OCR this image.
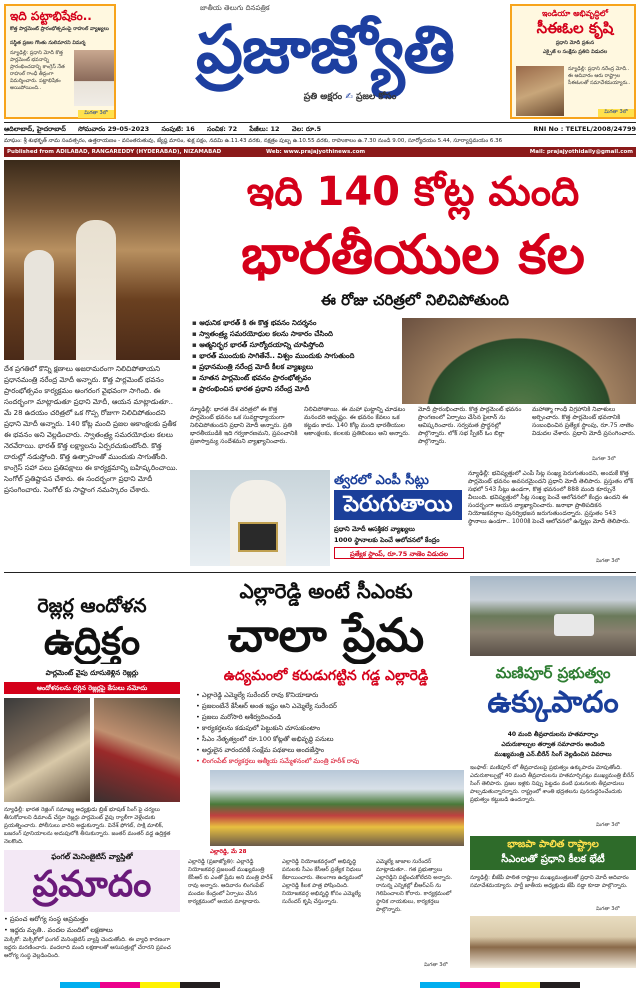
ఇది పట్టాభిషేకం..
కొత్త పార్లమెంట్ ప్రారంభోత్సవంపై రాహుల్ వ్యాఖ్యలు
సస్థిత ప్రజల గొంతు నులిమారని విమర్శ
న్యూఢిల్లీ: ప్రధాని మోదీ కొత్త పార్లమెంట్ భవనాన్ని ప్రారంభించడాన్ని కాంగ్రెస్ నేత రాహుల్ గాంధీ తీవ్రంగా విమర్శించారు. పట్టాభిషేకం అయిపోయింది..
మిగతా 3లో
జాతీయ తెలుగు దినపత్రిక
ప్రజాజ్యోతి
ప్రతి అక్షరం ✍ ప్రజల కోసం
ఇండియా అభివృద్ధిలో
సీఈఓల కృషి
ప్రధాని మోదీ ప్రశంస
ఎక్సైజ్ ల సంక్షేమ ప్రతిని విడుదల
న్యూఢిల్లీ: ప్రధాని నరేంద్ర మోదీ.. ఈ ఆదివారం ఆరు రాష్ట్రాల సీఈఓలతో సమావేశమయ్యారు..
మిగతా 3లో
ఆదిలాబాద్, హైదరాబాద్ సోమవారం 29-05-2023 సంపుటి: 16 సంచిక: 72 పేజీలు: 12 వెల: రూ.5	RNI No : TELTEL/2008/24799
మాఘం: శ్రీ శుభకృత్ నామ సంవత్సరం, ఉత్తరాయణం - వసంతరుతువు, జ్యేష్ఠ మాసం, శుక్ల పక్షం, నవమి ఉ.11.43 వరకు, నక్షత్రం పుబ్బ ఉ.10.55 వరకు, రాహుకాలం ఉ.7.30 నుండి 9.00, సూర్యోదయం 5.44, సూర్యాస్తమయం 6.36
Published from ADILABAD, RANGAREDDY (HYDERABAD), NIZAMABAD	Web: www.prajajyothinews.com	Mail: prajajyothidaily@gmail.com
ఇది 140 కోట్ల మంది
భారతీయుల కల
ఈ రోజు చరిత్రలో నిలిచిపోతుంది
▪ ఆధునిక భారత్ కి ఈ కొత్త భవనం నిదర్శనం
▪ స్వాతంత్ర్య సమరయోధుల కలను సాకారం చేసింది
▪ ఆత్మనిర్భర భారత్ సూర్యోదయాన్ని చూపిస్తోంది
▪ భారత్ ముందుకు సాగితేనే.. విశ్వం ముందుకు సాగుతుంది
▪ ప్రధానమంత్రి నరేంద్ర మోదీ కీలక వ్యాఖ్యలు
▪ నూతన పార్లమెంట్ భవనం ప్రారంభోత్సవం
▪ ప్రారంభించిన భారత ప్రధాని నరేంద్ర మోదీ
దేశ ప్రగతిలో కొన్ని క్షణాలు అజరామరంగా నిలిచిపోతాయని ప్రధానమంత్రి నరేంద్ర మోదీ అన్నారు. కొత్త పార్లమెంట్ భవనం ప్రారంభోత్సవం కార్యక్రమం అంగరంగ వైభవంగా సాగింది. ఈ సందర్భంగా మాట్లాడుతూ ప్రధాని మోదీ, ఆయన మాట్లాడుతూ.. మే 28 ఉదయం చరిత్రలో ఒక గొప్ప రోజుగా నిలిచిపోతుందని ప్రధాని మోదీ అన్నారు. 140 కోట్ల మంది ప్రజల ఆకాంక్షలకు ప్రతీక ఈ భవనం అని వెల్లడించారు. స్వాతంత్ర్య సమరయోధుల కలలు నెరవేరాయి. భారత్ కొత్త లక్ష్యాలను ఏర్పరచుకుంటోంది. కొత్త దారుల్లో నడుస్తోంది. కొత్త ఉత్సాహంతో ముందుకు సాగుతోంది. కాంగ్రెస్ సహా పలు ప్రతిపక్షాలు ఈ కార్యక్రమాన్ని బహిష్కరించాయి. సెంగోల్ ప్రతిష్టాపన చేశారు. ఈ సందర్భంగా ప్రధాని మోదీ ప్రసంగించారు. సెంగోల్ కు సాష్టాంగ నమస్కారం చేశారు.
న్యూఢిల్లీ: భారత దేశ చరిత్రలో ఈ కొత్త పార్లమెంట్ భవనం ఒక సువర్ణాధ్యాయంగా నిలిచిపోతుందని ప్రధాని మోదీ అన్నారు. ప్రతి భారతీయుడికి ఇది గర్వకారణమని, ప్రపంచానికి ప్రజాస్వామ్య సందేశమని వ్యాఖ్యానించారు.
నిలిచిపోతాయి. ఈ మహా ఘట్టాన్ని చూడటం మనందరి అదృష్టం. ఈ భవనం కేవలం ఒక కట్టడం కాదు. 140 కోట్ల మంది భారతీయుల ఆకాంక్షలకు, కలలకు ప్రతిబింబం అని అన్నారు.
మోదీ ప్రారంభించారు. కొత్త పార్లమెంట్ భవనం ప్రాంగణంలో ఏర్పాటు చేసిన పైలాన్ ను ఆవిష్కరించారు. సర్వమత ప్రార్థనల్లో పాల్గొన్నారు. లోక్ సభ స్పీకర్ ఓం బిర్లా పాల్గొన్నారు.
మహాత్మా గాంధీ విగ్రహానికి నివాళులు అర్పించారు. కొత్త పార్లమెంట్ భవనానికి సంబంధించిన ప్రత్యేక స్టాంపు, రూ.75 నాణెం విడుదల చేశారు. ప్రధాని మోదీ ప్రసంగించారు.
మిగతా 3లో
త్వరలో ఎంపీ సీట్లు
పెరుగుతాయి
ప్రధాని మోదీ ఆసక్తికర వ్యాఖ్యలు
1000 స్థానాలకు పెంచే ఆలోచనలో కేంద్రం
ప్రత్యేక స్టాంప్, రూ.75 నాణెం విడుదల
న్యూఢిల్లీ: భవిష్యత్తులో ఎంపీ సీట్ల సంఖ్య పెరుగుతుందని, అందుకే కొత్త పార్లమెంట్ భవనం అవసరమైందని ప్రధాని మోదీ తెలిపారు. ప్రస్తుతం లోక్ సభలో 543 సీట్లు ఉండగా, కొత్త భవనంలో 888 మంది కూర్చునే వీలుంది. భవిష్యత్తులో సీట్ల సంఖ్య పెంచే ఆలోచనలో కేంద్రం ఉందని ఈ సందర్భంగా ఆయన వ్యాఖ్యానించారు. జనాభా ప్రాతిపదికన నియోజకవర్గాల పునర్విభజన జరుగుతుందన్నారు. ప్రస్తుతం 543 స్థానాలు ఉండగా.. 1000కి పెంచే ఆలోచనలో ఉన్నట్లు మోదీ తెలిపారు.
మిగతా 3లో
రెజ్లర్ల ఆందోళన
ఉద్రిక్తం
పార్లమెంట్ వైపు దూసుకెళ్లిన రెజ్లర్లు
ఆందోళనలను దగ్గిన రెజ్లర్లపై కేసులు నమోదు
న్యూఢిల్లీ: భారత రెజ్లింగ్ సమాఖ్య అధ్యక్షుడు బ్రిజ్ భూషణ్ సింగ్ పై చర్యలు తీసుకోవాలని డిమాండ్ చేస్తూ రెజ్లర్లు పార్లమెంట్ వైపు ర్యాలీగా వెళ్లేందుకు ప్రయత్నించారు. పోలీసులు వారిని అడ్డుకున్నారు. వినేశ్ ఫోగట్, సాక్షి మాలిక్, బజరంగ్ పూనియాలను అదుపులోకి తీసుకున్నారు. జంతర్ మంతర్ వద్ద ఉద్రిక్తత నెలకొంది.
ఫంగల్ మెనింజైటిస్ వ్యాప్తితో
ప్రమాదం
• ప్రపంచ ఆరోగ్య సంస్థ అప్రమత్తం
• ఇద్దరు మృతి.. వందల మందిలో లక్షణాలు
మెక్సికో: మెక్సికోలో ఫంగల్ మెనింజైటిస్ వ్యాప్తి చెందుతోంది. ఈ వ్యాధి కారణంగా ఇద్దరు మరణించారు. వందలాది మంది లక్షణాలతో ఆసుపత్రుల్లో చేరారని ప్రపంచ ఆరోగ్య సంస్థ వెల్లడించింది.
ఎల్లారెడ్డి అంటే సీఎంకు
చాలా ప్రేమ
ఉద్యమంలో కరుడుగట్టిన గడ్డ ఎల్లారెడ్డి
• ఎల్లారెడ్డి ఎమ్మెల్యే సురేందర్ రావు కొనియాడారు
• ప్రజలంటేనే కేసీఆర్ అంత ఇష్టం అని ఎమ్మెల్యే సురేందర్
• ప్రజలు మరోసారి ఆశీర్వదించండి
• కార్యకర్తలను కడుపులో పెట్టుకుని చూసుకుంటాం
• సీఎం నేతృత్వంలో రూ.100 కోట్లతో అభివృద్ధి పనులు
• అర్హులైన వారందరికీ సంక్షేమ పథకాలు అందజేస్తాం
• లింగంపేట్ కార్యకర్తలు ఆత్మీయ సమ్మేళనంలో మంత్రి హరీశ్ రావు
ఎల్లారెడ్డి, మే 28
ఎల్లారెడ్డి (ప్రజాజ్యోతి): ఎల్లారెడ్డి నియోజకవర్గ ప్రజలంటే ముఖ్యమంత్రి కేసీఆర్ కు ఎంతో ప్రేమ అని మంత్రి హరీశ్ రావు అన్నారు. ఆదివారం లింగంపేట్ మండల కేంద్రంలో ఏర్పాటు చేసిన కార్యక్రమంలో ఆయన మాట్లాడారు.
ఎల్లారెడ్డి నియోజకవర్గంలో అభివృద్ధి పనులకు సీఎం కేసీఆర్ ప్రత్యేక నిధులు కేటాయించారు. తెలంగాణ ఉద్యమంలో ఎల్లారెడ్డి కీలక పాత్ర పోషించింది. నియోజకవర్గ అభివృద్ధి కోసం ఎమ్మెల్యే సురేందర్ కృషి చేస్తున్నారు.
ఎమ్మెల్యే జాజాల సురేందర్ మాట్లాడుతూ.. గత ప్రభుత్వాలు ఎల్లారెడ్డిని పట్టించుకోలేదని అన్నారు. రానున్న ఎన్నికల్లో బీఆర్ఎస్ ను గెలిపించాలని కోరారు. కార్యక్రమంలో స్థానిక నాయకులు, కార్యకర్తలు పాల్గొన్నారు.
మిగతా 3లో
మణిపూర్ ప్రభుత్వం
ఉక్కుపాదం
40 మంది తీవ్రవాదులను హతమార్చాం
ఎదురుకాల్పుల తర్వాత సమాచారం అందింది
ముఖ్యమంత్రి ఎన్.బీరేన్ సింగ్ వెల్లడించిన వివరాలు
ఇంఫాల్: మణిపూర్ లో తీవ్రవాదులపై ప్రభుత్వం ఉక్కుపాదం మోపుతోంది. ఎదురుకాల్పుల్లో 40 మంది తీవ్రవాదులను హతమార్చినట్లు ముఖ్యమంత్రి బీరేన్ సింగ్ తెలిపారు. ప్రజల ఇళ్లకు నిప్పు పెట్టడం వంటి ఘటనలకు తీవ్రవాదులు పాల్పడుతున్నారన్నారు. రాష్ట్రంలో శాంతి భద్రతలను పునరుద్ధరించేందుకు ప్రభుత్వం కట్టుబడి ఉందన్నారు.
మిగతా 3లో
భాజపా పాలిత రాష్ట్రాల
సీఎంలతో ప్రధాని కీలక భేటీ
న్యూఢిల్లీ: బీజేపీ పాలిత రాష్ట్రాల ముఖ్యమంత్రులతో ప్రధాని మోదీ ఆదివారం సమావేశమయ్యారు. పార్టీ జాతీయ అధ్యక్షుడు జేపీ నడ్డా కూడా పాల్గొన్నారు.
మిగతా 3లో
